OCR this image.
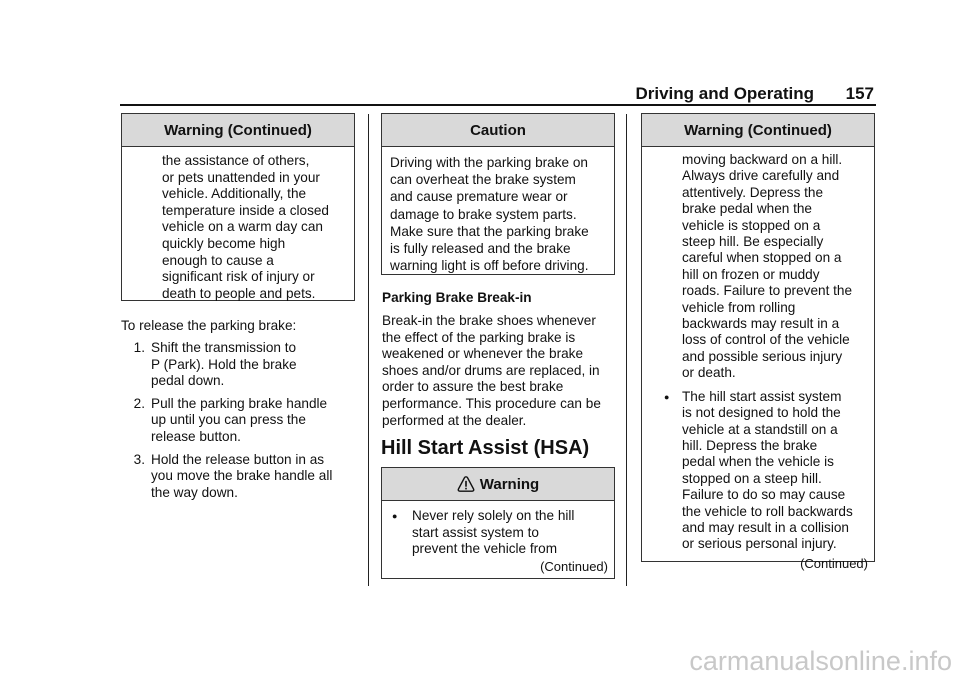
Driving and Operating	157
Warning (Continued)

the assistance of others,

or pets unattended in your

vehicle. Additionally, the

temperature inside a closed

vehicle on a warm day can

quickly become high

enough to cause a

significant risk of injury or

death to people and pets.

To release the parking brake:
1. Shift the transmission to

P (Park). Hold the brake

pedal down.

2. Pull the parking brake handle

up until you can press the

release button.

3. Hold the release button in as

you move the brake handle all

the way down.

Caution

Driving with the parking brake on

can overheat the brake system

and cause premature wear or

damage to brake system parts.

Make sure that the parking brake

is fully released and the brake

warning light is off before driving.

Parking Brake Break-in

Break-in the brake shoes whenever

the effect of the parking brake is

weakened or whenever the brake

shoes and/or drums are replaced, in

order to assure the best brake

performance. This procedure can be

performed at the dealer.

Hill Start Assist (HSA)
Warning
●	Never rely solely on the hill

start assist system to

prevent the vehicle from

(Continued)

Warning (Continued)

moving backward on a hill.

Always drive carefully and

attentively. Depress the

brake pedal when the

vehicle is stopped on a

steep hill. Be especially

careful when stopped on a

hill on frozen or muddy

roads. Failure to prevent the

vehicle from rolling

backwards may result in a

loss of control of the vehicle

and possible serious injury

or death.

● The hill start assist system

is not designed to hold the

vehicle at a standstill on a

hill. Depress the brake

pedal when the vehicle is

stopped on a steep hill.

Failure to do so may cause

the vehicle to roll backwards

and may result in a collision

or serious personal injury.

(Continued)

carmanualsonline.info
